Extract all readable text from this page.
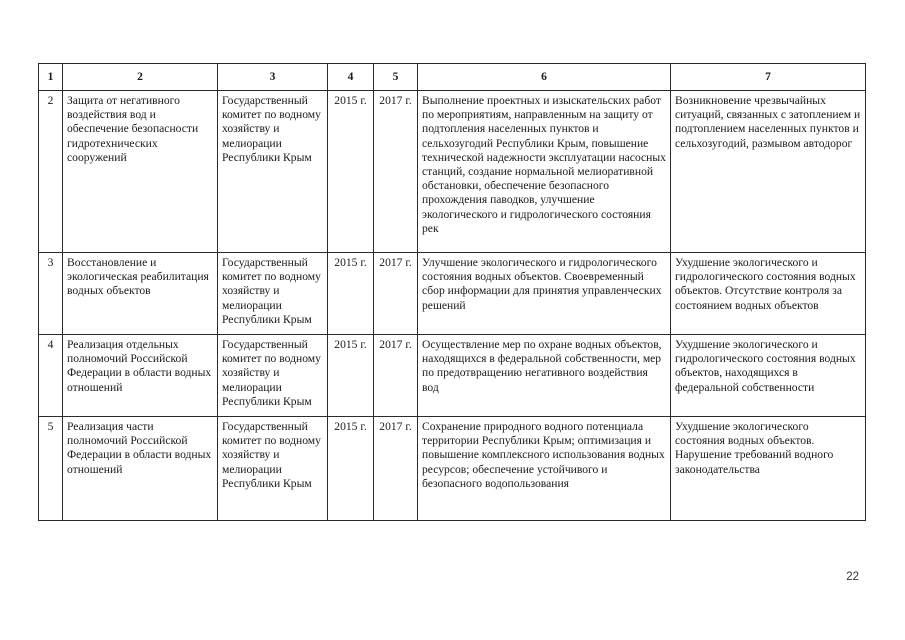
1	2	3	4	5	6	7
2	Защита от негативного воздействия вод и обеспечение безопасности гидротехнических сооружений	Государственный комитет по водному хозяйству и мелиорации Республики Крым	2015 г.	2017 г.	Выполнение проектных и изыскательских работ по мероприятиям, направленным на защиту от подтопления населенных пунктов и сельхозугодий Республики Крым, повышение технической надежности эксплуатации насосных станций, создание нормальной мелиоративной обстановки, обеспечение безопасного прохождения паводков, улучшение экологического и гидрологического состояния рек	Возникновение чрезвычайных ситуаций, связанных с затоплением и подтоплением населенных пунктов и сельхозугодий, размывом автодорог
3	Восстановление и экологическая реабилитация водных объектов	Государственный комитет по водному хозяйству и мелиорации Республики Крым	2015 г.	2017 г.	Улучшение экологического и гидрологического состояния водных объектов. Своевременный сбор информации для принятия управленческих решений	Ухудшение экологического и гидрологического состояния водных объектов. Отсутствие контроля за состоянием водных объектов
4	Реализация отдельных полномочий Российской Федерации в области водных отношений	Государственный комитет по водному хозяйству и мелиорации Республики Крым	2015 г.	2017 г.	Осуществление мер по охране водных объектов, находящихся в федеральной собственности, мер по предотвращению негативного воздействия вод	Ухудшение экологического и гидрологического состояния водных объектов, находящихся в федеральной собственности
5	Реализация части полномочий Российской Федерации в области водных отношений	Государственный комитет по водному хозяйству и мелиорации Республики Крым	2015 г.	2017 г.	Сохранение природного водного потенциала территории Республики Крым; оптимизация и повышение комплексного использования водных ресурсов; обеспечение устойчивого и безопасного водопользования	Ухудшение экологического состояния водных объектов. Нарушение требований водного законодательства
22
